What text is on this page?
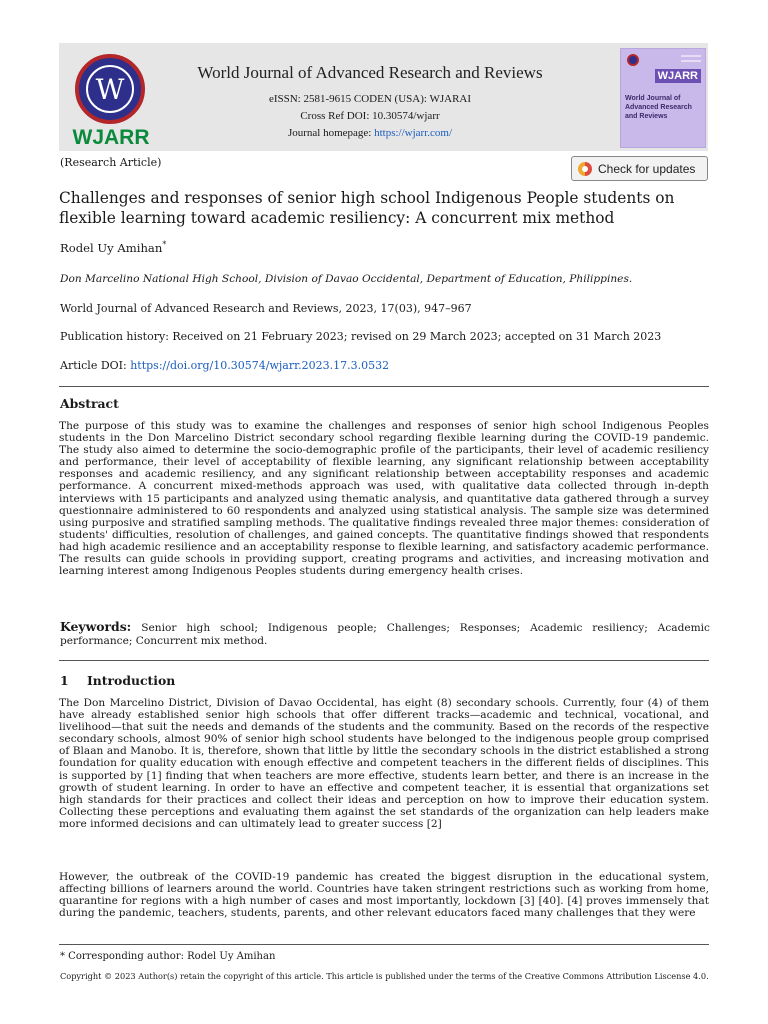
W
WJARR
World Journal of Advanced Research and Reviews
eISSN: 2581-9615 CODEN (USA): WJARAI
Cross Ref DOI: 10.30574/wjarr
Journal homepage: https://wjarr.com/
WJARR
World Journal of Advanced Research and Reviews
(Research Article)	Check for updates
Challenges and responses of senior high school Indigenous People students on flexible learning toward academic resiliency: A concurrent mix method
Rodel Uy Amihan*
Don Marcelino National High School, Division of Davao Occidental, Department of Education, Philippines.
World Journal of Advanced Research and Reviews, 2023, 17(03), 947–967
Publication history: Received on 21 February 2023; revised on 29 March 2023; accepted on 31 March 2023
Article DOI: https://doi.org/10.30574/wjarr.2023.17.3.0532
Abstract
The purpose of this study was to examine the challenges and responses of senior high school Indigenous Peoples students in the Don Marcelino District secondary school regarding flexible learning during the COVID-19 pandemic. The study also aimed to determine the socio-demographic profile of the participants, their level of academic resiliency and performance, their level of acceptability of flexible learning, any significant relationship between acceptability responses and academic resiliency, and any significant relationship between acceptability responses and academic performance. A concurrent mixed-methods approach was used, with qualitative data collected through in-depth interviews with 15 participants and analyzed using thematic analysis, and quantitative data gathered through a survey questionnaire administered to 60 respondents and analyzed using statistical analysis. The sample size was determined using purposive and stratified sampling methods. The qualitative findings revealed three major themes: consideration of students' difficulties, resolution of challenges, and gained concepts. The quantitative findings showed that respondents had high academic resilience and an acceptability response to flexible learning, and satisfactory academic performance. The results can guide schools in providing support, creating programs and activities, and increasing motivation and learning interest among Indigenous Peoples students during emergency health crises.
Keywords: Senior high school; Indigenous people; Challenges; Responses; Academic resiliency; Academic performance; Concurrent mix method.
1 Introduction
The Don Marcelino District, Division of Davao Occidental, has eight (8) secondary schools. Currently, four (4) of them have already established senior high schools that offer different tracks—academic and technical, vocational, and livelihood—that suit the needs and demands of the students and the community. Based on the records of the respective secondary schools, almost 90% of senior high school students have belonged to the indigenous people group comprised of Blaan and Manobo. It is, therefore, shown that little by little the secondary schools in the district established a strong foundation for quality education with enough effective and competent teachers in the different fields of disciplines. This is supported by [1] finding that when teachers are more effective, students learn better, and there is an increase in the growth of student learning. In order to have an effective and competent teacher, it is essential that organizations set high standards for their practices and collect their ideas and perception on how to improve their education system. Collecting these perceptions and evaluating them against the set standards of the organization can help leaders make more informed decisions and can ultimately lead to greater success [2]
However, the outbreak of the COVID-19 pandemic has created the biggest disruption in the educational system, affecting billions of learners around the world. Countries have taken stringent restrictions such as working from home, quarantine for regions with a high number of cases and most importantly, lockdown [3] [40]. [4] proves immensely that during the pandemic, teachers, students, parents, and other relevant educators faced many challenges that they were
* Corresponding author: Rodel Uy Amihan
Copyright © 2023 Author(s) retain the copyright of this article. This article is published under the terms of the Creative Commons Attribution Liscense 4.0.
